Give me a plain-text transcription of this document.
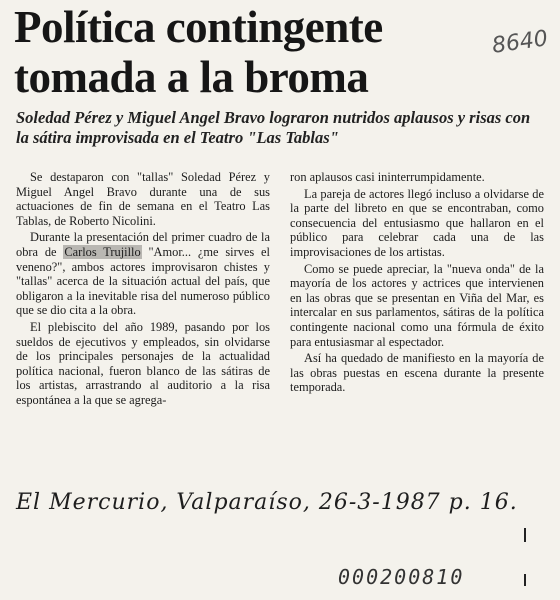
Política contingente
tomada a la broma
8640

Soledad Pérez y Miguel Angel Bravo lograron nutridos aplausos y risas con la sátira improvisada en el Teatro "Las Tablas"

Se destaparon con "tallas" Soledad Pérez y Miguel Angel Bravo durante una de sus actuaciones de fin de semana en el Teatro Las Tablas, de Roberto Nicolini.

Durante la presentación del primer cuadro de la obra de Carlos Trujillo "Amor... ¿me sirves el veneno?", ambos actores improvisaron chistes y "tallas" acerca de la situación actual del país, que obligaron a la inevitable risa del numeroso público que se dio cita a la obra.

El plebiscito del año 1989, pasando por los sueldos de ejecutivos y empleados, sin olvidarse de los principales personajes de la actualidad política nacional, fueron blanco de las sátiras de los artistas, arrastrando al auditorio a la risa espontánea a la que se agrega-

ron aplausos casi ininterrumpidamente.

La pareja de actores llegó incluso a olvidarse de la parte del libreto en que se encontraban, como consecuencia del entusiasmo que hallaron en el público para celebrar cada una de las improvisaciones de los artistas.

Como se puede apreciar, la "nueva onda" de la mayoría de los actores y actrices que intervienen en las obras que se presentan en Viña del Mar, es intercalar en sus parlamentos, sátiras de la política contingente nacional como una fórmula de éxito para entusiasmar al espectador.

Así ha quedado de manifiesto en la mayoría de las obras puestas en escena durante la presente temporada.

El Mercurio, Valparaíso, 26-3-1987 p. 16.
000200810
